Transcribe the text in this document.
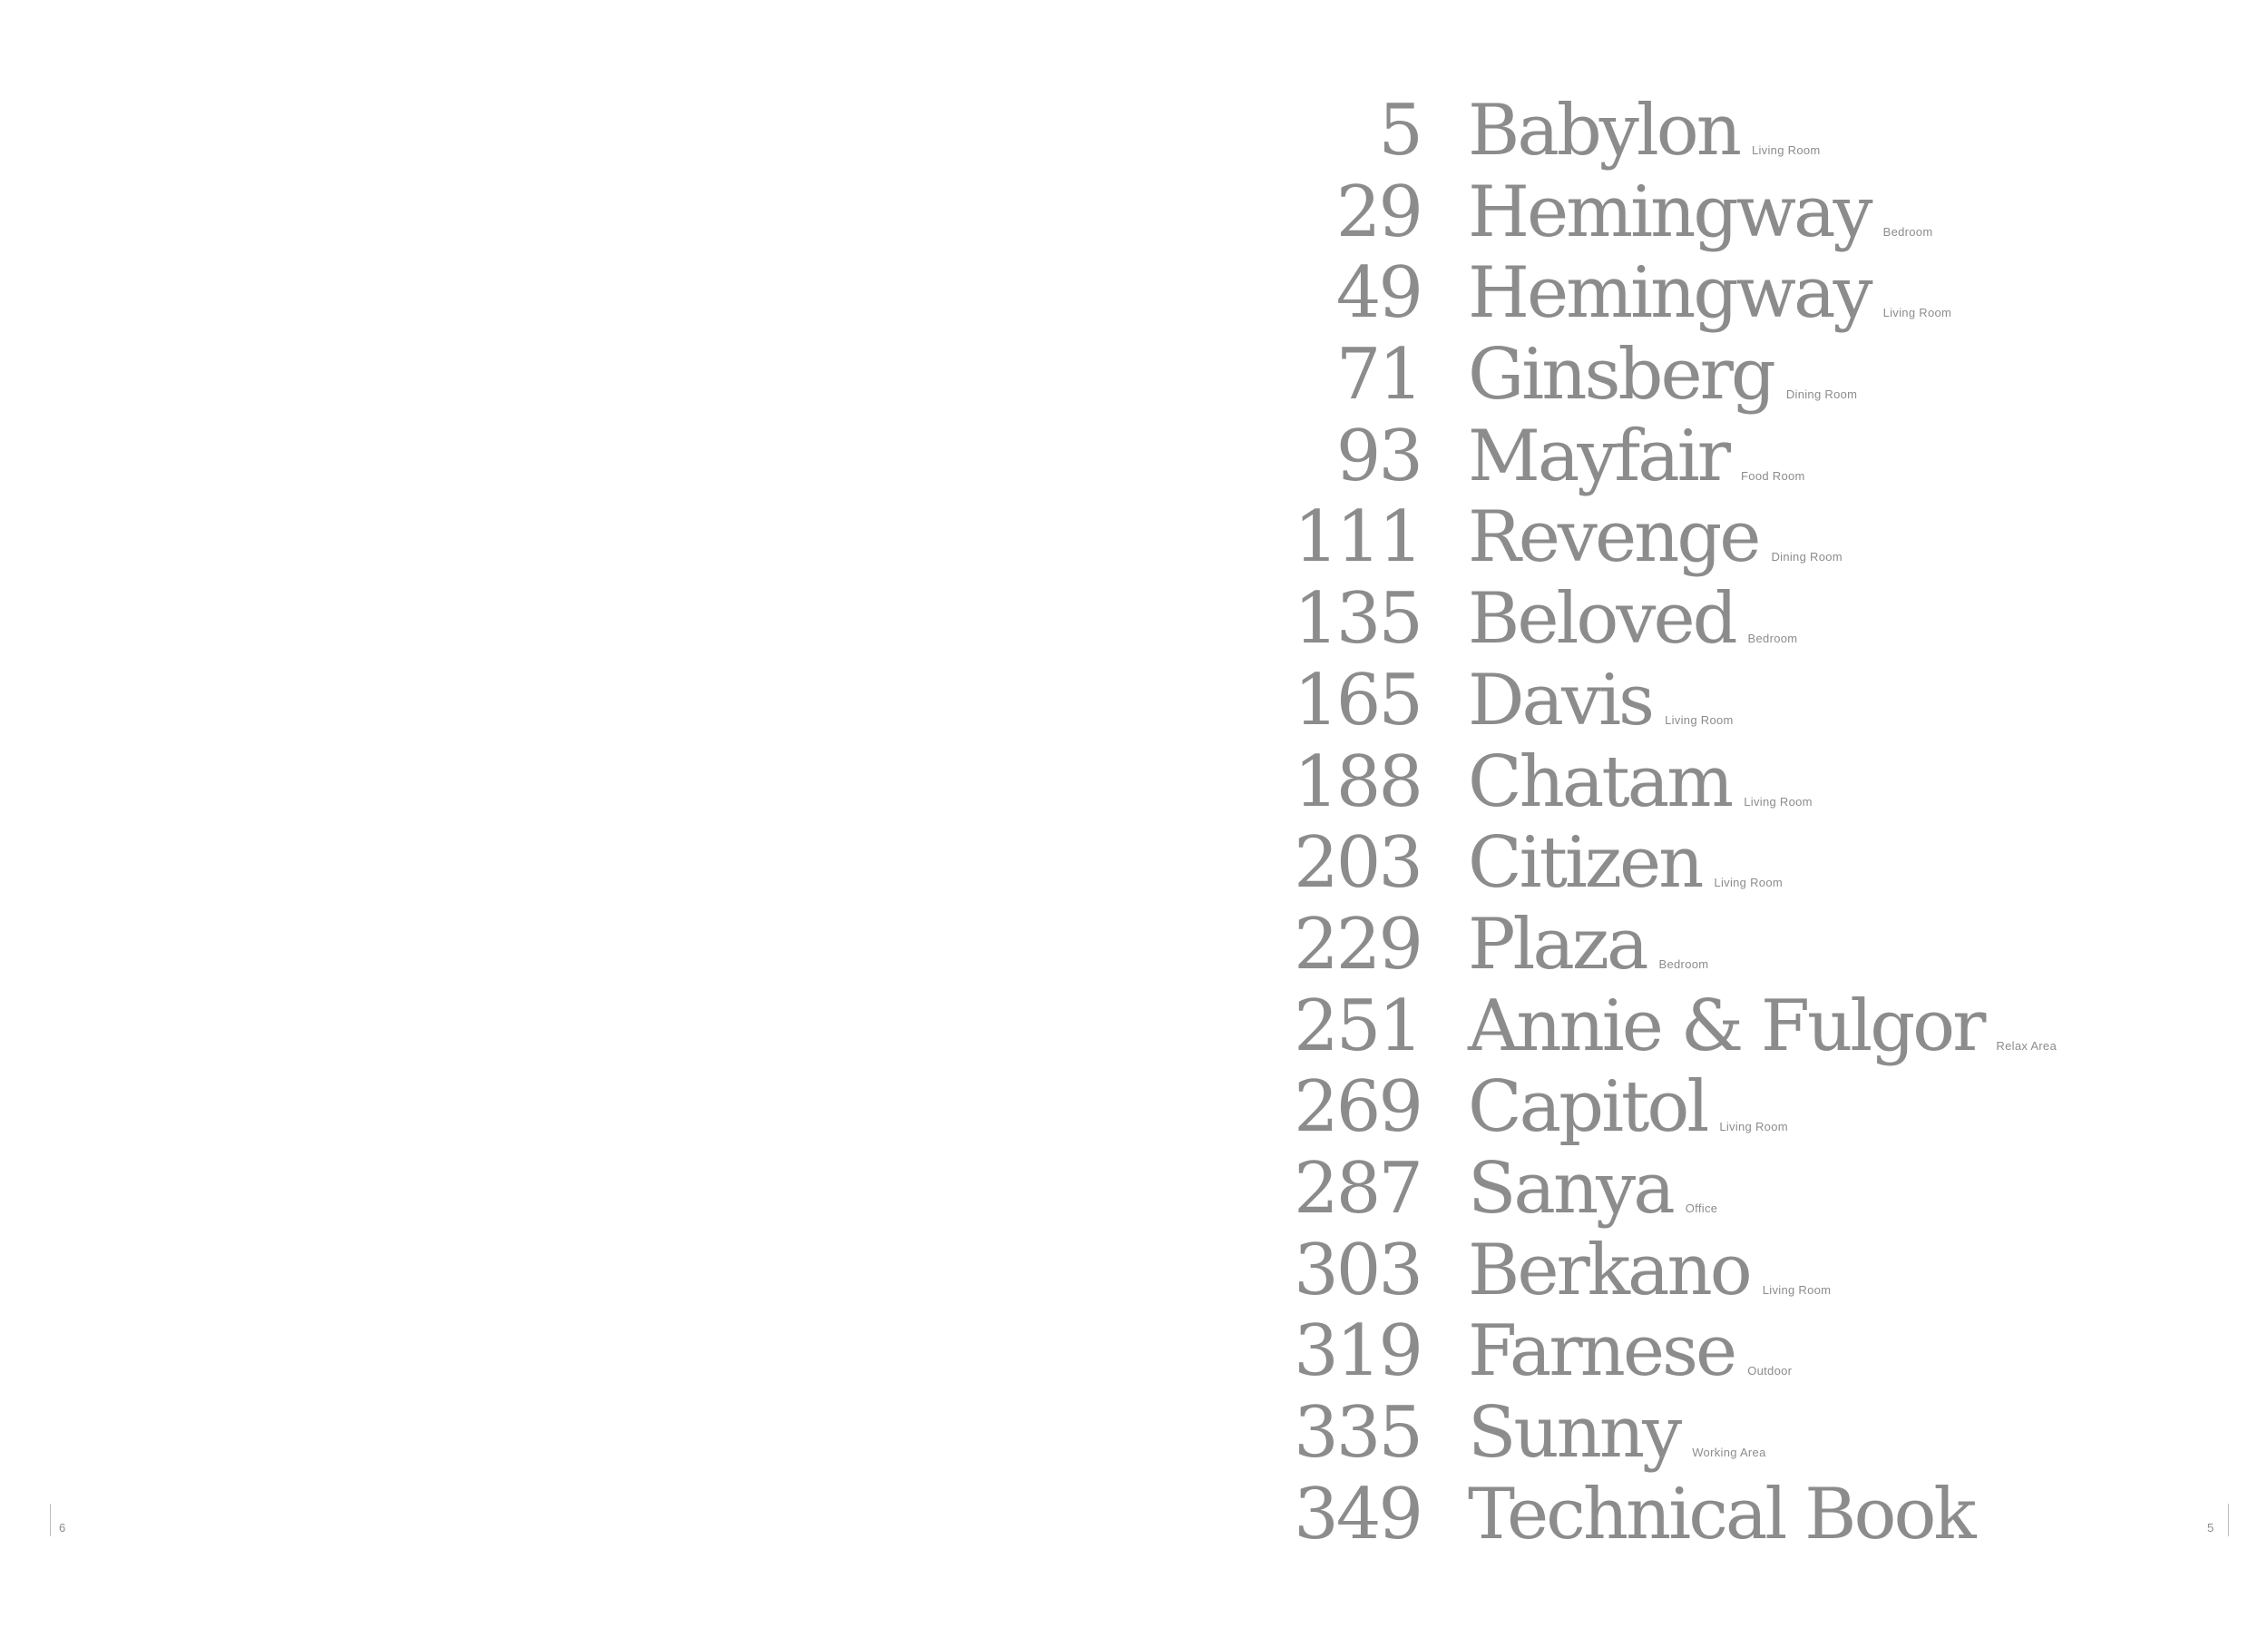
5 Babylon Living Room
29 Hemingway Bedroom
49 Hemingway Living Room
71 Ginsberg Dining Room
93 Mayfair Food Room
111 Revenge Dining Room
135 Beloved Bedroom
165 Davis Living Room
188 Chatam Living Room
203 Citizen Living Room
229 Plaza Bedroom
251 Annie & Fulgor Relax Area
269 Capitol Living Room
287 Sanya Office
303 Berkano Living Room
319 Farnese Outdoor
335 Sunny Working Area
349 Technical Book
6	5
